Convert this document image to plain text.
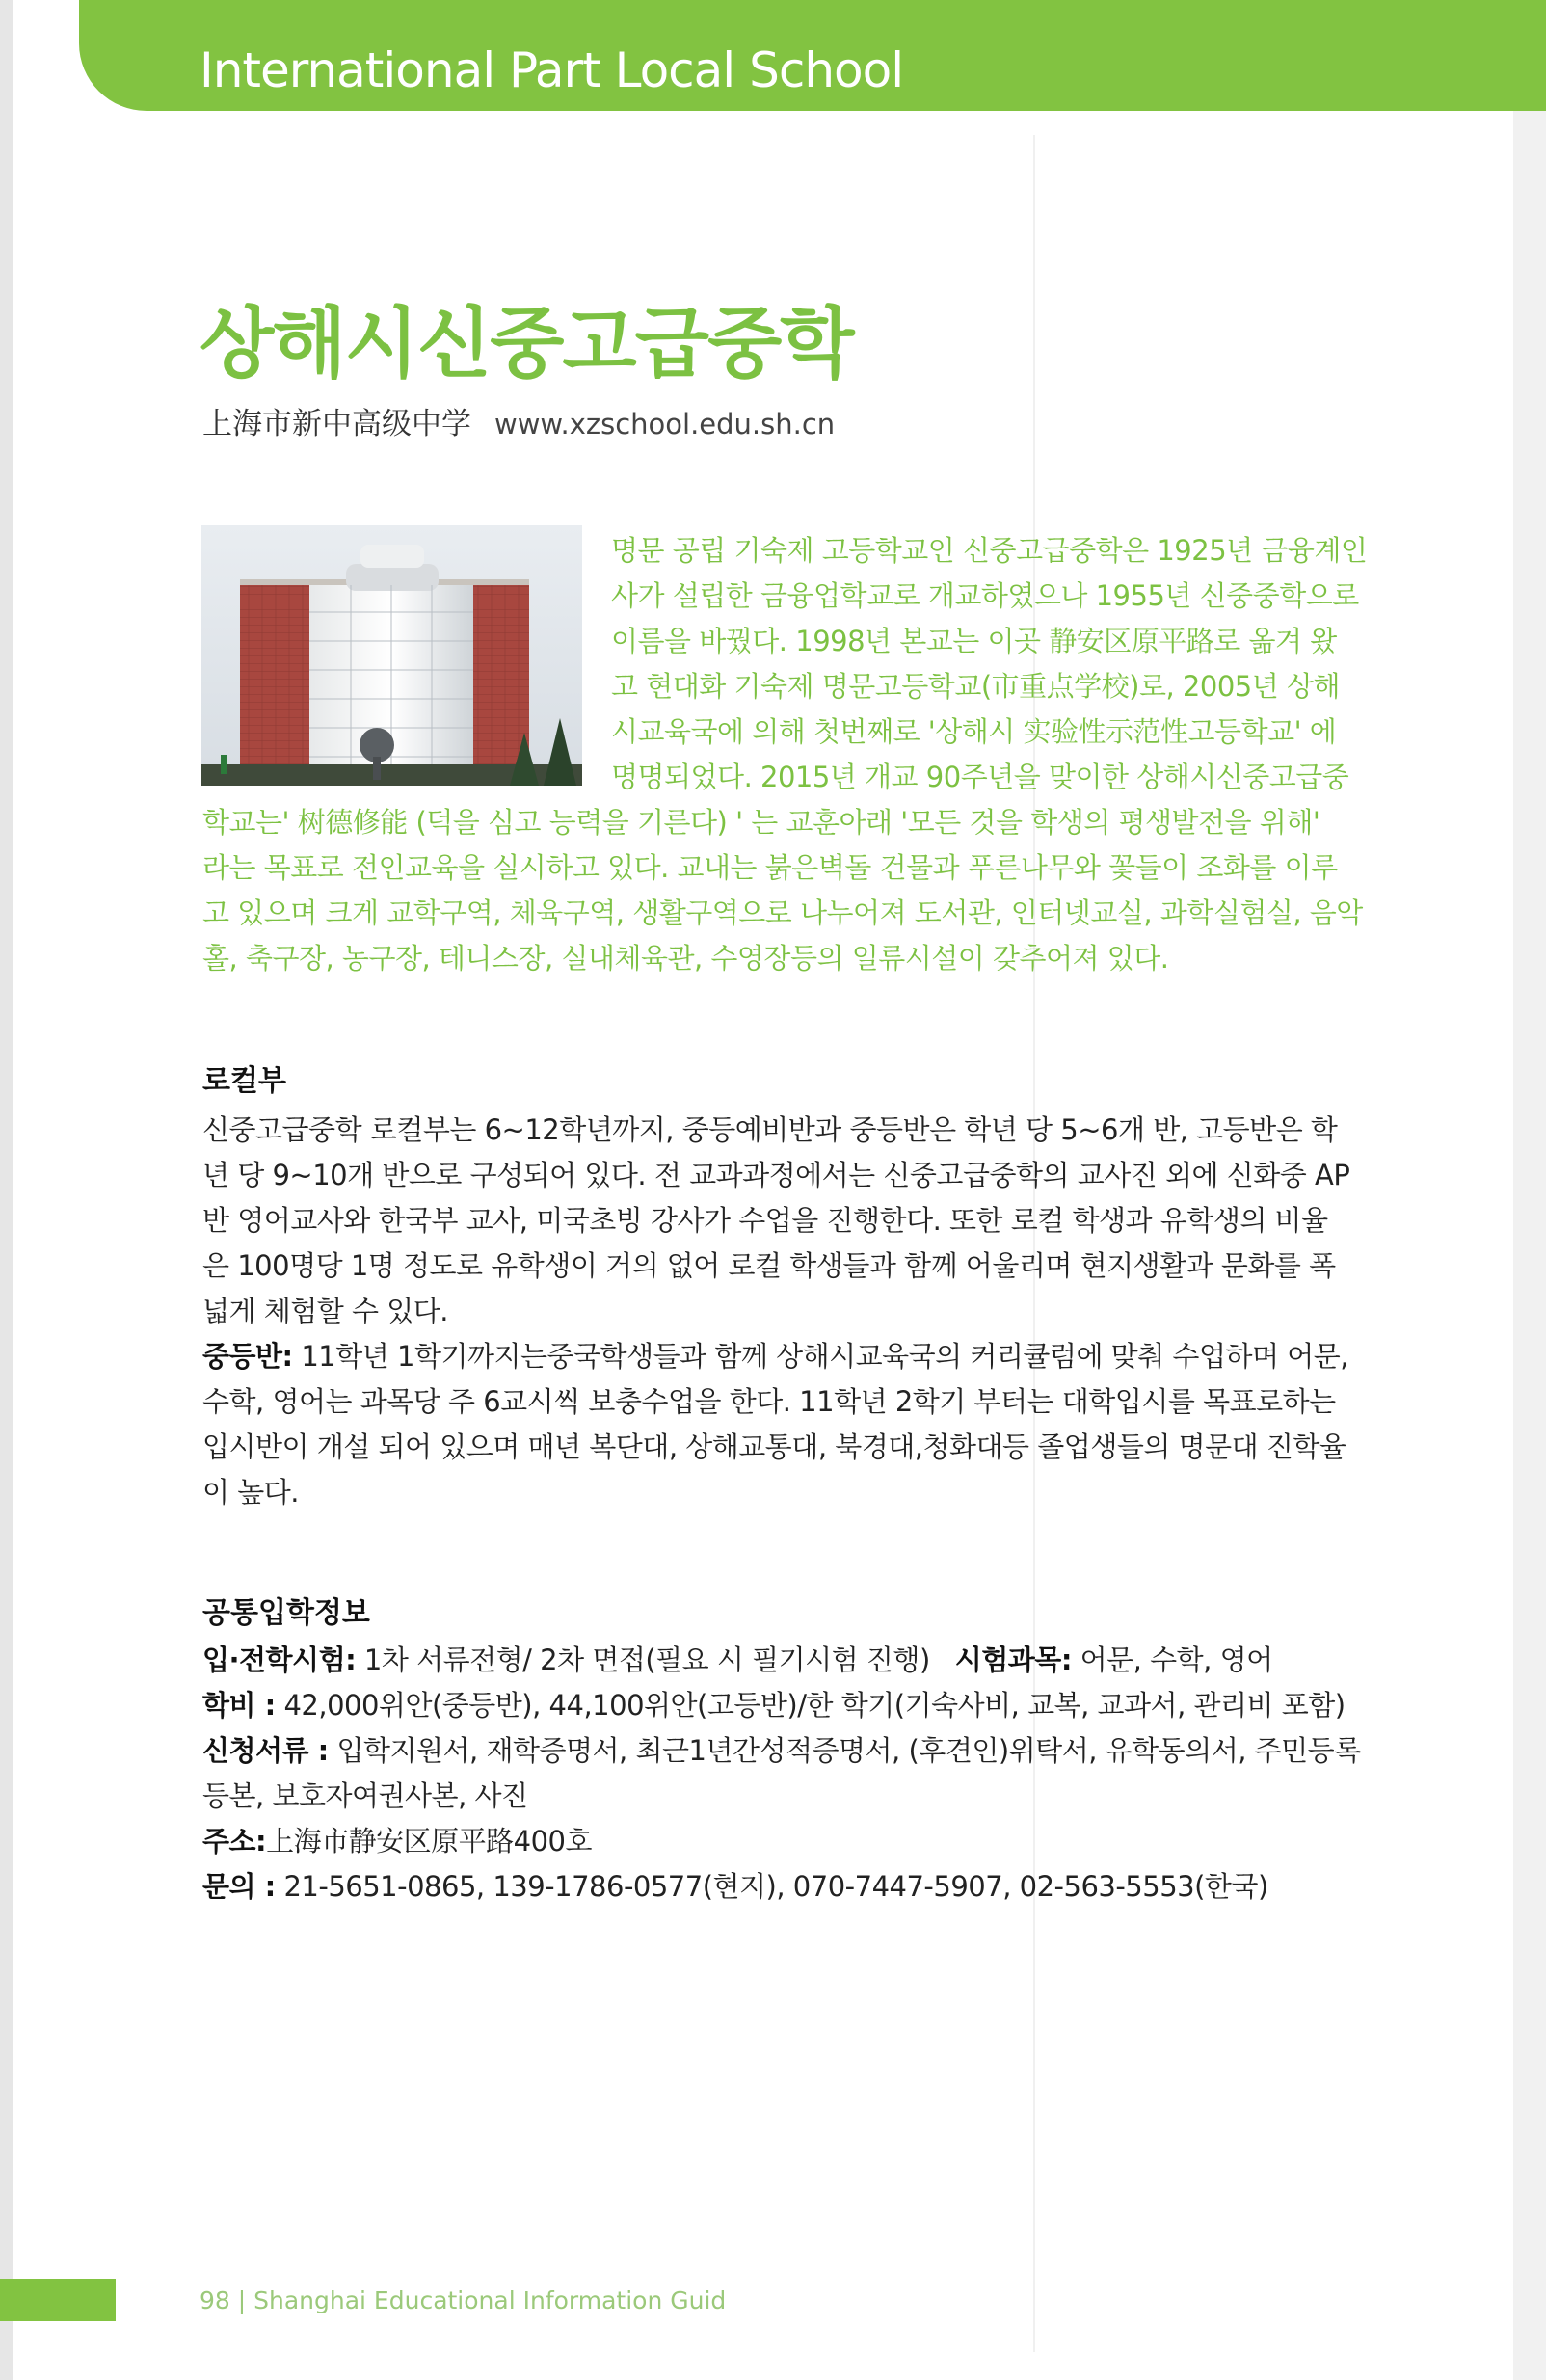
International Part Local School
상해시신중고급중학
上海市新中高级中学 www.xzschool.edu.sh.cn
명문 공립 기숙제 고등학교인 신중고급중학은 1925년 금융계인
사가 설립한 금융업학교로 개교하였으나 1955년 신중중학으로
이름을 바꿨다. 1998년 본교는 이곳 静安区原平路로 옮겨 왔
고 현대화 기숙제 명문고등학교(市重点学校)로, 2005년 상해
시교육국에 의해 첫번째로 '상해시 实验性示范性고등학교' 에
명명되었다. 2015년 개교 90주년을 맞이한 상해시신중고급중
학교는' 树德修能 (덕을 심고 능력을 기른다) ' 는 교훈아래 '모든 것을 학생의 평생발전을 위해'
라는 목표로 전인교육을 실시하고 있다. 교내는 붉은벽돌 건물과 푸른나무와 꽃들이 조화를 이루
고 있으며 크게 교학구역, 체육구역, 생활구역으로 나누어져 도서관, 인터넷교실, 과학실험실, 음악
홀, 축구장, 농구장, 테니스장, 실내체육관, 수영장등의 일류시설이 갖추어져 있다.
로컬부
신중고급중학 로컬부는 6~12학년까지, 중등예비반과 중등반은 학년 당 5~6개 반, 고등반은 학
년 당 9~10개 반으로 구성되어 있다. 전 교과과정에서는 신중고급중학의 교사진 외에 신화중 AP
반 영어교사와 한국부 교사, 미국초빙 강사가 수업을 진행한다. 또한 로컬 학생과 유학생의 비율
은 100명당 1명 정도로 유학생이 거의 없어 로컬 학생들과 함께 어울리며 현지생활과 문화를 폭
넓게 체험할 수 있다.
중등반: 11학년 1학기까지는중국학생들과 함께 상해시교육국의 커리큘럼에 맞춰 수업하며 어문,
수학, 영어는 과목당 주 6교시씩 보충수업을 한다. 11학년 2학기 부터는 대학입시를 목표로하는
입시반이 개설 되어 있으며 매년 복단대, 상해교통대, 북경대,청화대등 졸업생들의 명문대 진학율
이 높다.
공통입학정보
입·전학시험: 1차 서류전형/ 2차 면접(필요 시 필기시험 진행) 시험과목: 어문, 수학, 영어
학비 : 42,000위안(중등반), 44,100위안(고등반)/한 학기(기숙사비, 교복, 교과서, 관리비 포함)
신청서류 : 입학지원서, 재학증명서, 최근1년간성적증명서, (후견인)위탁서, 유학동의서, 주민등록
등본, 보호자여권사본, 사진
주소:上海市静安区原平路400호
문의 : 21-5651-0865, 139-1786-0577(현지), 070-7447-5907, 02-563-5553(한국)
98 | Shanghai Educational Information Guid
